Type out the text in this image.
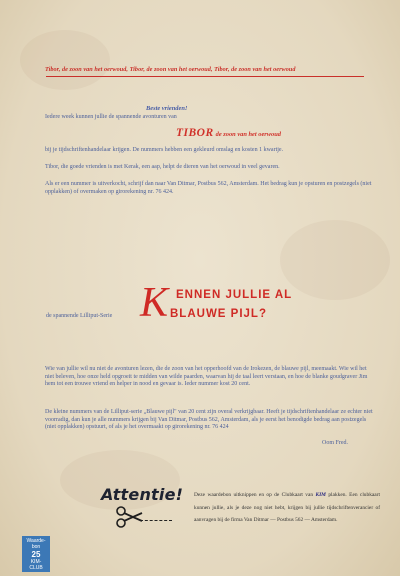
Tibor, de zoon van het oerwoud, Tibor, de zoon van het oerwoud, Tibor, de zoon van het oerwoud
Beste vrienden!
Iedere week kunnen jullie de spannende avonturen van
TIBOR de zoon van het oerwoud
bij je tijdschriftenhandelaar krijgen. De nummers hebben een gekleurd omslag en kosten 1 kwartje.
Tibor, die goede vrienden is met Kerak, een aap, helpt de dieren van het oerwoud in veel gevaren.
Als er een nummer is uitverkocht, schrijf dan naar Van Ditmar, Postbus 562, Amsterdam. Het bedrag kun je opsturen en postzegels (niet opplakken) of overmaken op girorekening nr. 76 424.
de spannende Lilliput-Serie K ENNEN JULLIE AL
BLAUWE PIJL?
Wie van jullie wil nu niet de avonturen lezen, die de zoon van het opperhoofd van de Irokezen, de blauwe pijl, meemaakt. Wie wil het niet beleven, hoe onze held opgroeit te midden van wilde paarden, waarvan hij de taal leert verstaan, en hoe de blanke goudgraver Jim hem tot een trouwe vriend en helper in nood en gevaar is. Ieder nummer kost 20 cent.
De kleine nummers van de Lilliput-serie „Blauwe pijl" van 20 cent zijn overal verkrijgbaar. Heeft je tijdschriftenhandelaar ze echter niet voorradig, dan kun je alle nummers krijgen bij Van Ditmar, Postbus 562, Amsterdam, als je eerst het benodigde bedrag aan postzegels (niet opplakken) opstuurt, of als je het overmaakt op girorekening nr. 76 424
Oom Fred.
Attentie! Deze waardebon uitknippen en op de Clubkaart van KIM plakken. Een clubkaart kunnen jullie, als je deze nog niet hebt, krijgen bij jullie tijdschriftenverancier of aanvragen bij de firma Van Ditmar — Postbus 562 — Amsterdam.
Waarde-
bon
25
KIM-
CLUB
